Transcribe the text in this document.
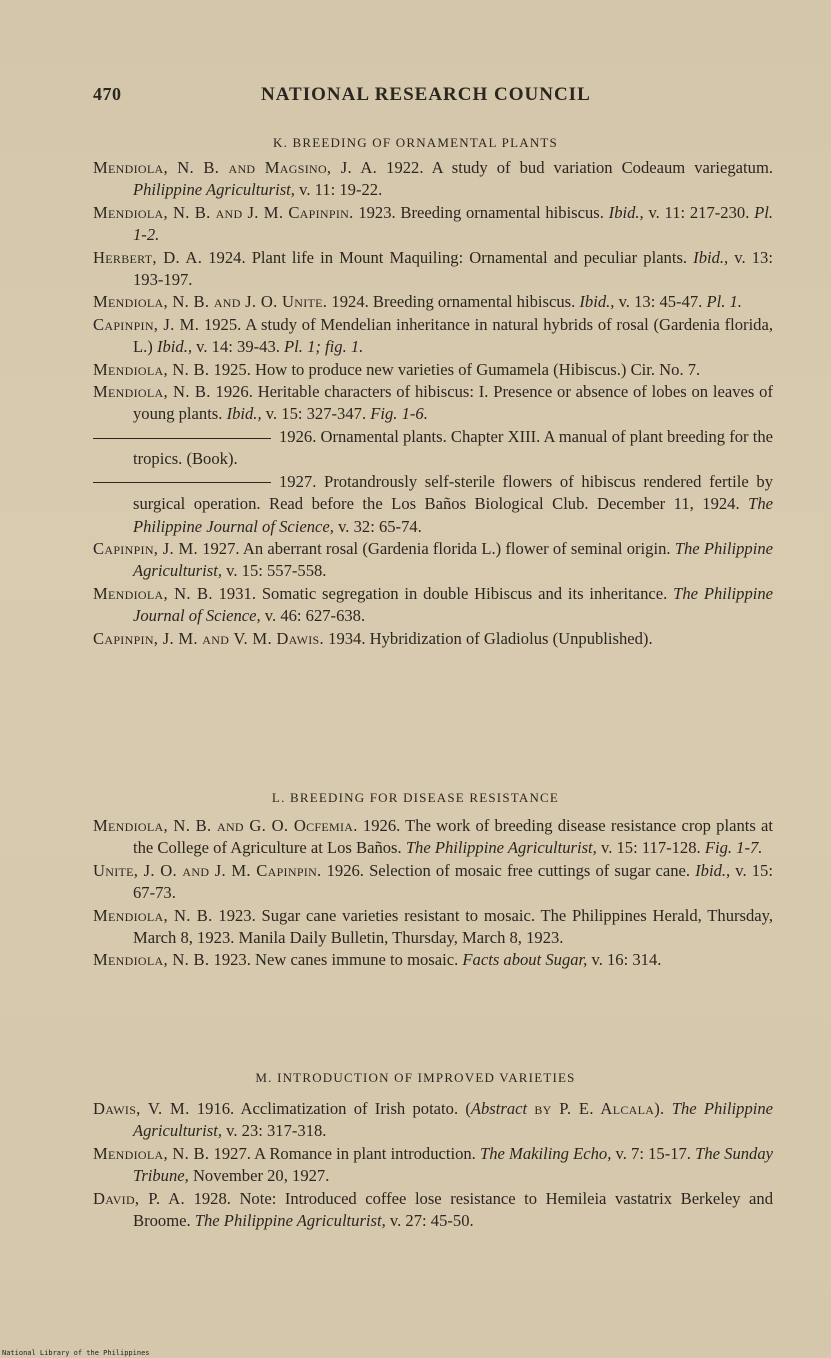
470	NATIONAL RESEARCH COUNCIL
K. BREEDING OF ORNAMENTAL PLANTS

Mendiola, N. B. and Magsino, J. A. 1922. A study of bud variation Codeaum variegatum. Philippine Agriculturist, v. 11: 19-22.

Mendiola, N. B. and J. M. Capinpin. 1923. Breeding ornamental hibiscus. Ibid., v. 11: 217-230. Pl. 1-2.

Herbert, D. A. 1924. Plant life in Mount Maquiling: Ornamental and peculiar plants. Ibid., v. 13: 193-197.

Mendiola, N. B. and J. O. Unite. 1924. Breeding ornamental hibiscus. Ibid., v. 13: 45-47. Pl. 1.

Capinpin, J. M. 1925. A study of Mendelian inheritance in natural hybrids of rosal (Gardenia florida, L.) Ibid., v. 14: 39-43. Pl. 1; fig. 1.

Mendiola, N. B. 1925. How to produce new varieties of Gumamela (Hibiscus.) Cir. No. 7.

Mendiola, N. B. 1926. Heritable characters of hibiscus: I. Presence or absence of lobes on leaves of young plants. Ibid., v. 15: 327-347. Fig. 1-6.

1926. Ornamental plants. Chapter XIII. A manual of plant breeding for the tropics. (Book).

1927. Protandrously self-sterile flowers of hibiscus rendered fertile by surgical operation. Read before the Los Baños Biological Club. December 11, 1924. The Philippine Journal of Science, v. 32: 65-74.

Capinpin, J. M. 1927. An aberrant rosal (Gardenia florida L.) flower of seminal origin. The Philippine Agriculturist, v. 15: 557-558.

Mendiola, N. B. 1931. Somatic segregation in double Hibiscus and its inheritance. The Philippine Journal of Science, v. 46: 627-638.

Capinpin, J. M. and V. M. Dawis. 1934. Hybridization of Gladiolus (Unpublished).

L. BREEDING FOR DISEASE RESISTANCE

Mendiola, N. B. and G. O. Ocfemia. 1926. The work of breeding disease resistance crop plants at the College of Agriculture at Los Baños. The Philippine Agriculturist, v. 15: 117-128. Fig. 1-7.

Unite, J. O. and J. M. Capinpin. 1926. Selection of mosaic free cuttings of sugar cane. Ibid., v. 15: 67-73.

Mendiola, N. B. 1923. Sugar cane varieties resistant to mosaic. The Philippines Herald, Thursday, March 8, 1923. Manila Daily Bulletin, Thursday, March 8, 1923.

Mendiola, N. B. 1923. New canes immune to mosaic. Facts about Sugar, v. 16: 314.

M. INTRODUCTION OF IMPROVED VARIETIES

Dawis, V. M. 1916. Acclimatization of Irish potato. (Abstract by P. E. Alcala). The Philippine Agriculturist, v. 23: 317-318.

Mendiola, N. B. 1927. A Romance in plant introduction. The Makiling Echo, v. 7: 15-17. The Sunday Tribune, November 20, 1927.

David, P. A. 1928. Note: Introduced coffee lose resistance to Hemileia vastatrix Berkeley and Broome. The Philippine Agriculturist, v. 27: 45-50.

National Library of the Philippines
